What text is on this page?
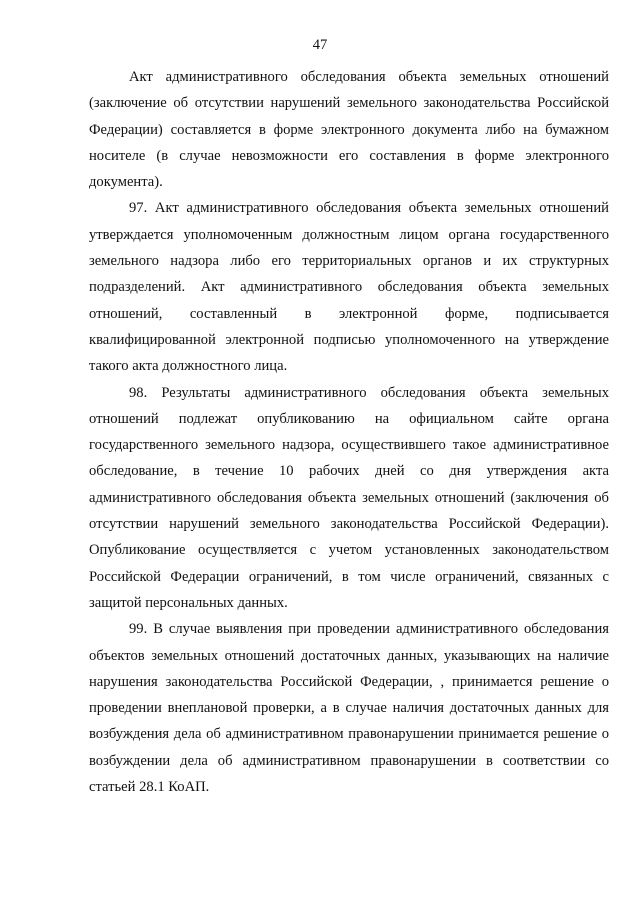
47

Акт административного обследования объекта земельных отношений (заключение об отсутствии нарушений земельного законодательства Российской Федерации) составляется в форме электронного документа либо на бумажном носителе (в случае невозможности его составления в форме электронного документа).

97. Акт административного обследования объекта земельных отношений утверждается уполномоченным должностным лицом органа государственного земельного надзора либо его территориальных органов и их структурных подразделений. Акт административного обследования объекта земельных отношений, составленный в электронной форме, подписывается квалифицированной электронной подписью уполномоченного на утверждение такого акта должностного лица.

98. Результаты административного обследования объекта земельных отношений подлежат опубликованию на официальном сайте органа государственного земельного надзора, осуществившего такое административное обследование, в течение 10 рабочих дней со дня утверждения акта административного обследования объекта земельных отношений (заключения об отсутствии нарушений земельного законодательства Российской Федерации). Опубликование осуществляется с учетом установленных законодательством Российской Федерации ограничений, в том числе ограничений, связанных с защитой персональных данных.

99. В случае выявления при проведении административного обследования объектов земельных отношений достаточных данных, указывающих на наличие нарушения законодательства Российской Федерации, , принимается решение о проведении внеплановой проверки, а в случае наличия достаточных данных для возбуждения дела об административном правонарушении принимается решение о возбуждении дела об административном правонарушении в соответствии со статьей 28.1 КоАП.
